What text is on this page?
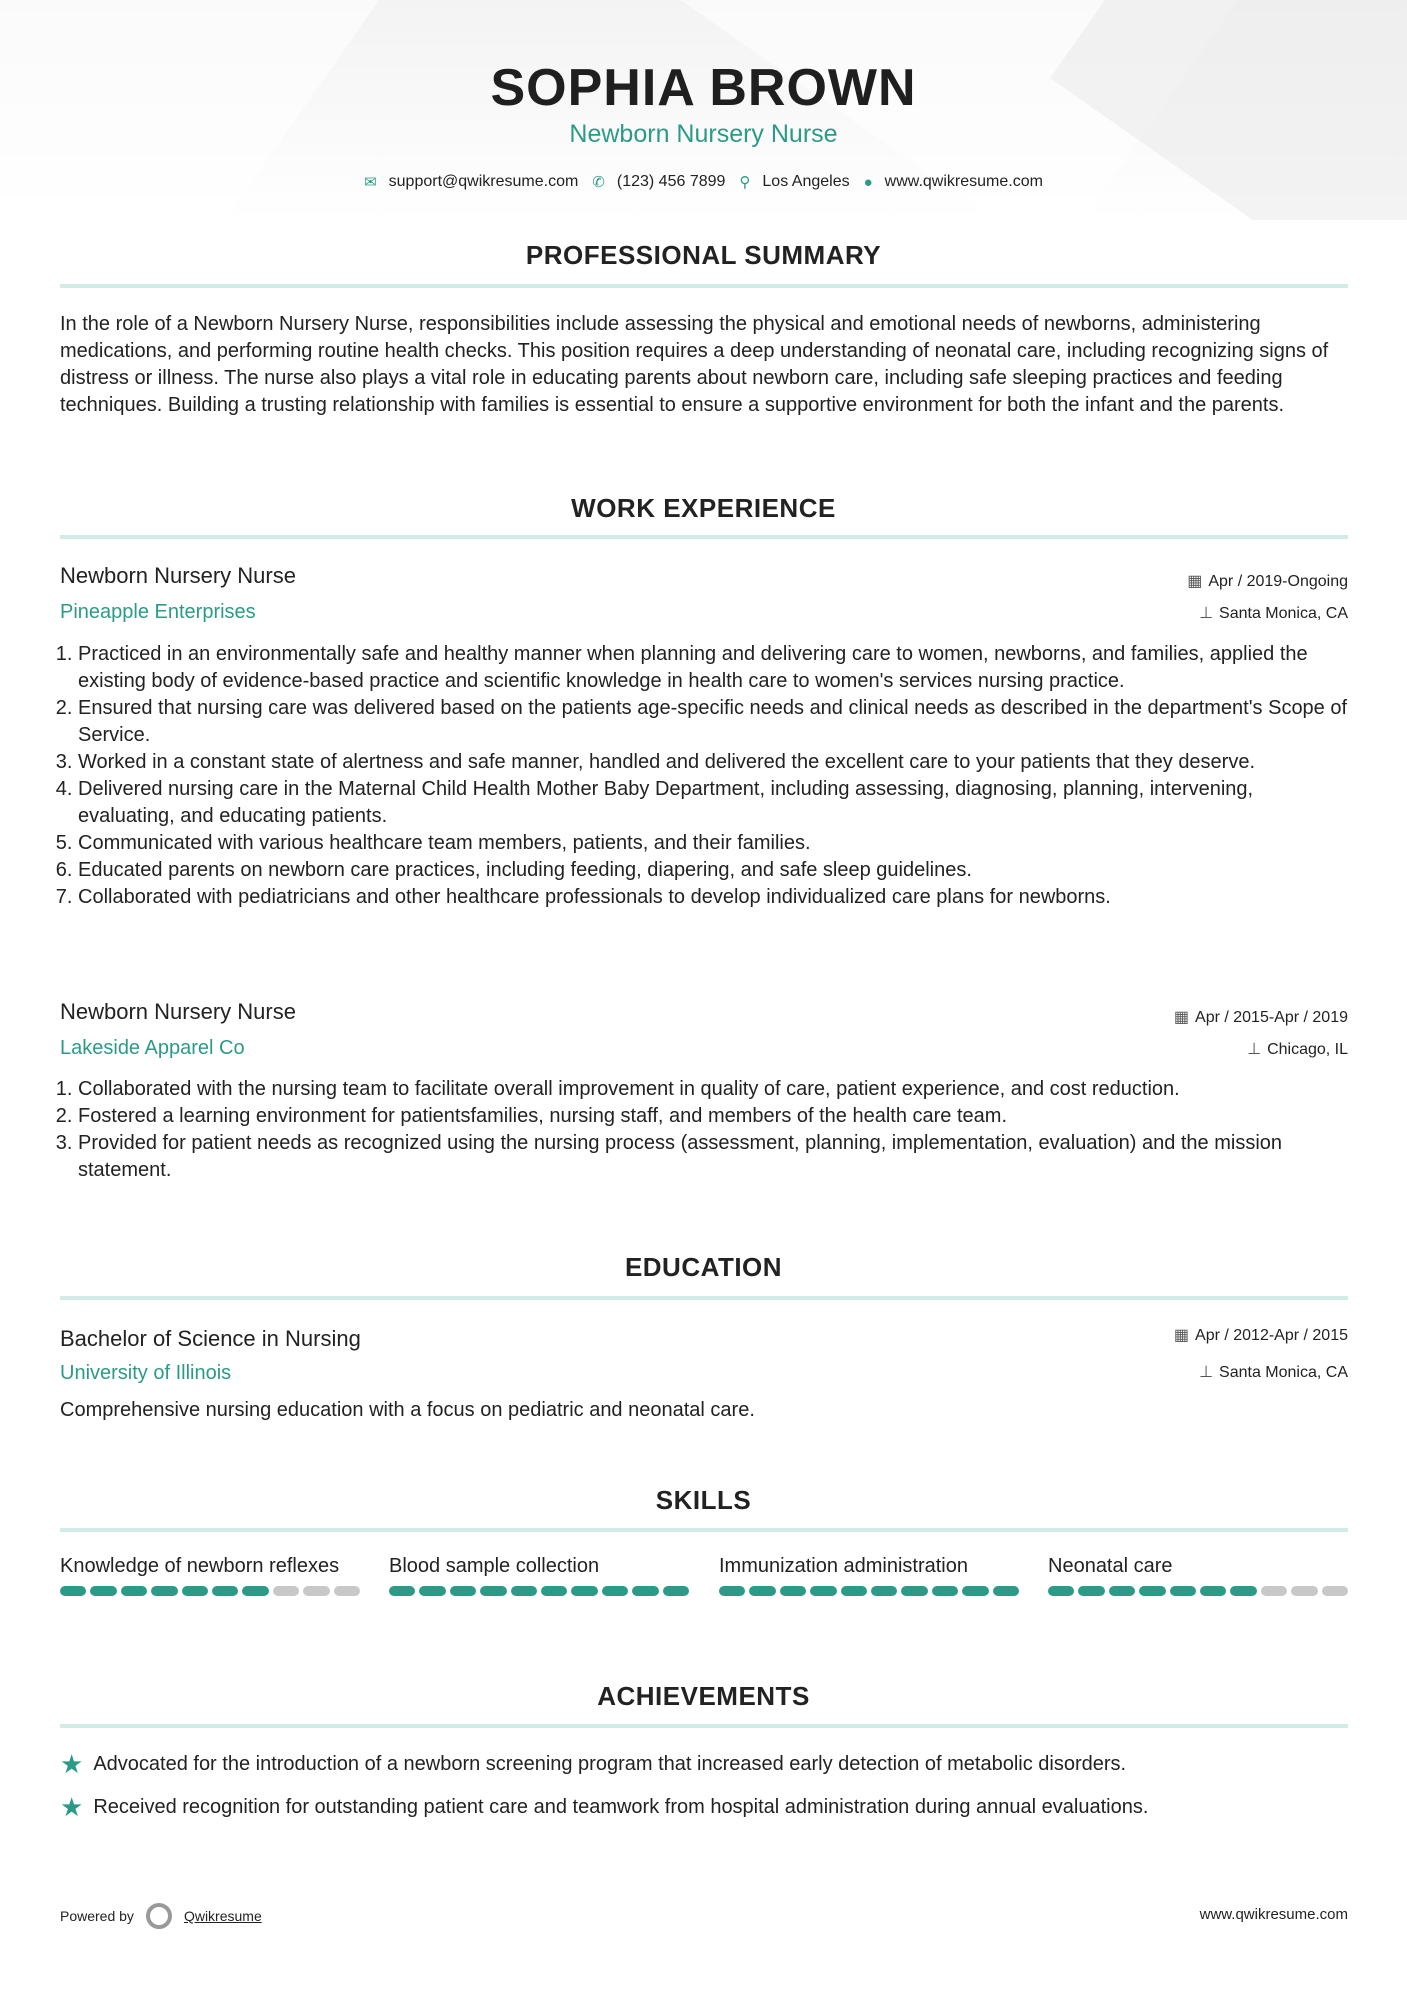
SOPHIA BROWN
Newborn Nursery Nurse
✉ support@qwikresume.com ✆ (123) 456 7899 ⚲ Los Angeles ● www.qwikresume.com
PROFESSIONAL SUMMARY
In the role of a Newborn Nursery Nurse, responsibilities include assessing the physical and emotional needs of newborns, administering medications, and performing routine health checks. This position requires a deep understanding of neonatal care, including recognizing signs of distress or illness. The nurse also plays a vital role in educating parents about newborn care, including safe sleeping practices and feeding techniques. Building a trusting relationship with families is essential to ensure a supportive environment for both the infant and the parents.
WORK EXPERIENCE
Newborn Nursery Nurse
Pineapple Enterprises
▦ Apr / 2019-Ongoing
⊥ Santa Monica, CA
1. Practiced in an environmentally safe and healthy manner when planning and delivering care to women, newborns, and families, applied the existing body of evidence-based practice and scientific knowledge in health care to women's services nursing practice.
2. Ensured that nursing care was delivered based on the patients age-specific needs and clinical needs as described in the department's Scope of Service.
3. Worked in a constant state of alertness and safe manner, handled and delivered the excellent care to your patients that they deserve.
4. Delivered nursing care in the Maternal Child Health Mother Baby Department, including assessing, diagnosing, planning, intervening, evaluating, and educating patients.
5. Communicated with various healthcare team members, patients, and their families.
6. Educated parents on newborn care practices, including feeding, diapering, and safe sleep guidelines.
7. Collaborated with pediatricians and other healthcare professionals to develop individualized care plans for newborns.
Newborn Nursery Nurse
Lakeside Apparel Co
▦ Apr / 2015-Apr / 2019
⊥ Chicago, IL
1. Collaborated with the nursing team to facilitate overall improvement in quality of care, patient experience, and cost reduction.
2. Fostered a learning environment for patientsfamilies, nursing staff, and members of the health care team.
3. Provided for patient needs as recognized using the nursing process (assessment, planning, implementation, evaluation) and the mission statement.
EDUCATION
Bachelor of Science in Nursing
University of Illinois
▦ Apr / 2012-Apr / 2015
⊥ Santa Monica, CA
Comprehensive nursing education with a focus on pediatric and neonatal care.
SKILLS
Knowledge of newborn reflexes	Blood sample collection	Immunization administration	Neonatal care
ACHIEVEMENTS
★ Advocated for the introduction of a newborn screening program that increased early detection of metabolic disorders.
★ Received recognition for outstanding patient care and teamwork from hospital administration during annual evaluations.
Powered by	Qwikresume	www.qwikresume.com
